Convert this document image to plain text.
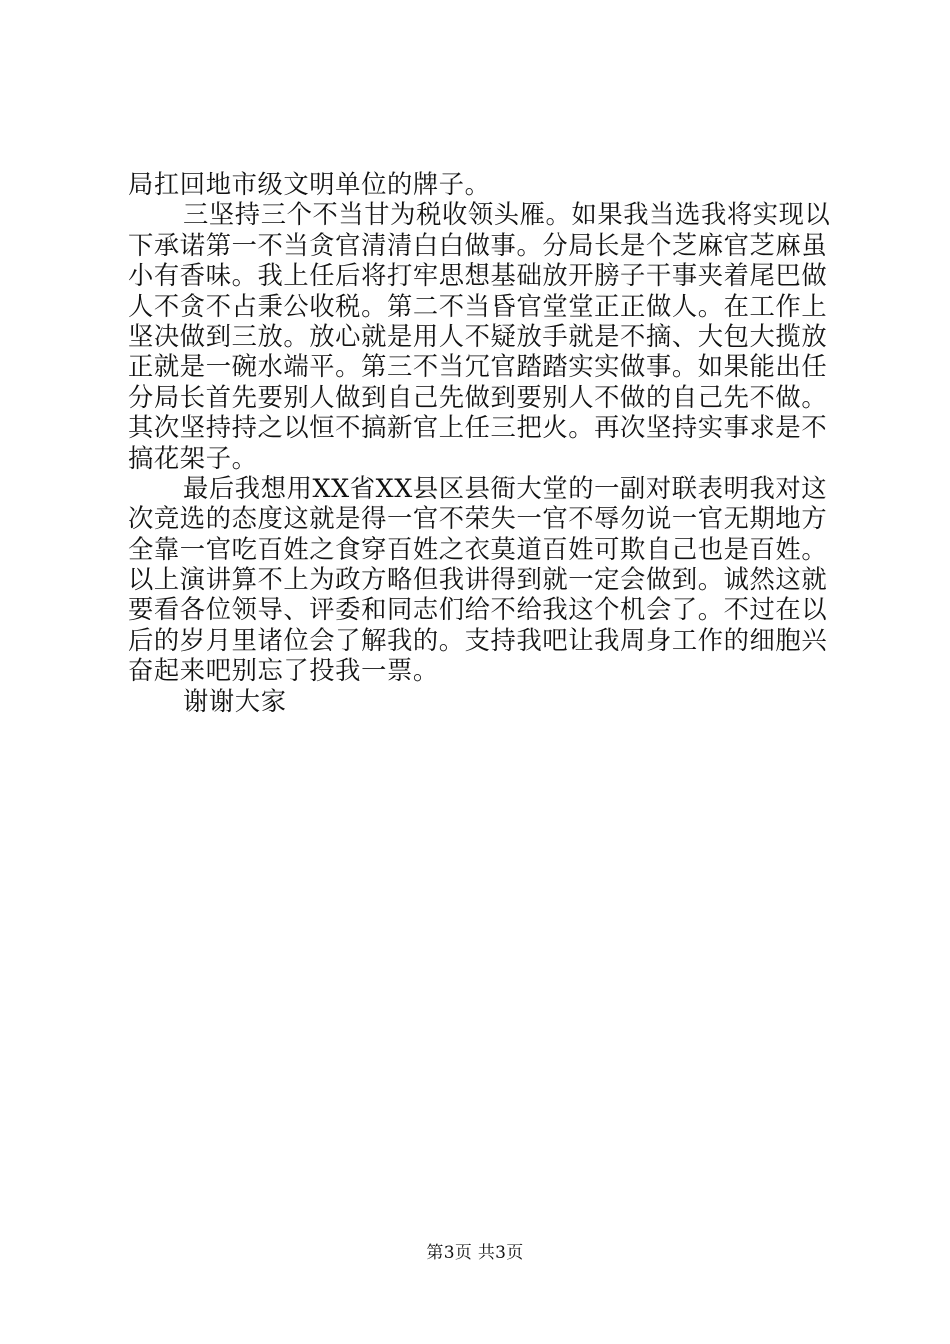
局扛回地市级文明单位的牌子。
三坚持三个不当甘为税收领头雁。如果我当选我将实现以
下承诺第一不当贪官清清白白做事。分局长是个芝麻官芝麻虽
小有香味。我上任后将打牢思想基础放开膀子干事夹着尾巴做
人不贪不占秉公收税。第二不当昏官堂堂正正做人。在工作上
坚决做到三放。放心就是用人不疑放手就是不摘、大包大揽放
正就是一碗水端平。第三不当冗官踏踏实实做事。如果能出任
分局长首先要别人做到自己先做到要别人不做的自己先不做。
其次坚持持之以恒不搞新官上任三把火。再次坚持实事求是不
搞花架子。
最后我想用XX省XX县区县衙大堂的一副对联表明我对这
次竞选的态度这就是得一官不荣失一官不辱勿说一官无期地方
全靠一官吃百姓之食穿百姓之衣莫道百姓可欺自己也是百姓。
以上演讲算不上为政方略但我讲得到就一定会做到。诚然这就
要看各位领导、评委和同志们给不给我这个机会了。不过在以
后的岁月里诸位会了解我的。支持我吧让我周身工作的细胞兴
奋起来吧别忘了投我一票。
谢谢大家
第3页 共3页
